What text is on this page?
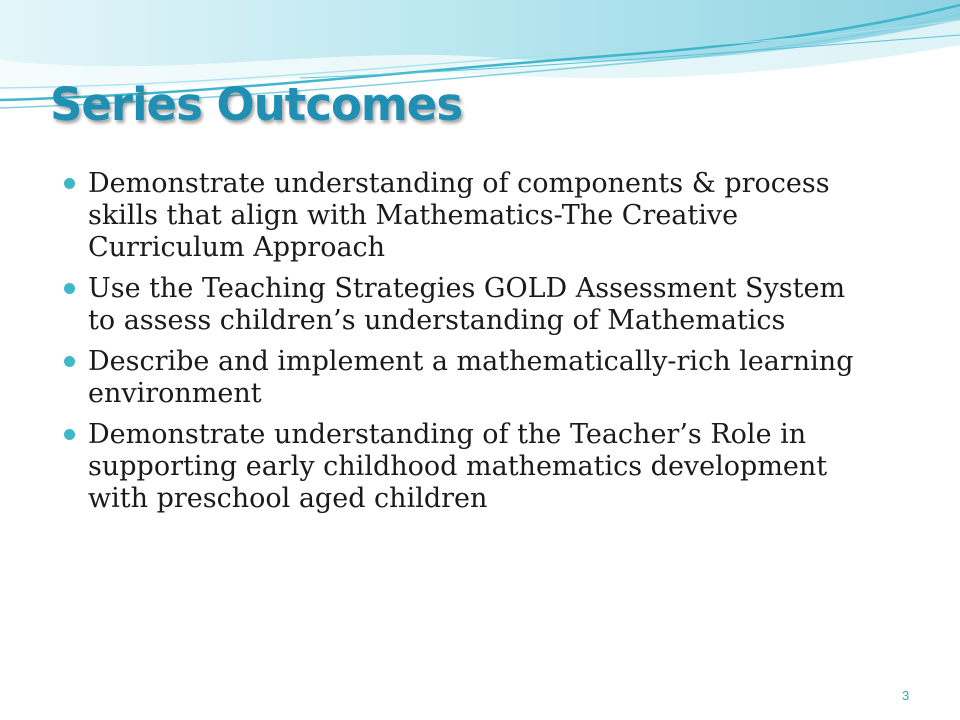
Series Outcomes
Demonstrate understanding of components & process skills that align with Mathematics-The Creative Curriculum Approach
Use the Teaching Strategies GOLD Assessment System to assess children’s understanding of Mathematics
Describe and implement a mathematically-rich learning environment
Demonstrate understanding of the Teacher’s Role in supporting early childhood mathematics development with preschool aged children
3
